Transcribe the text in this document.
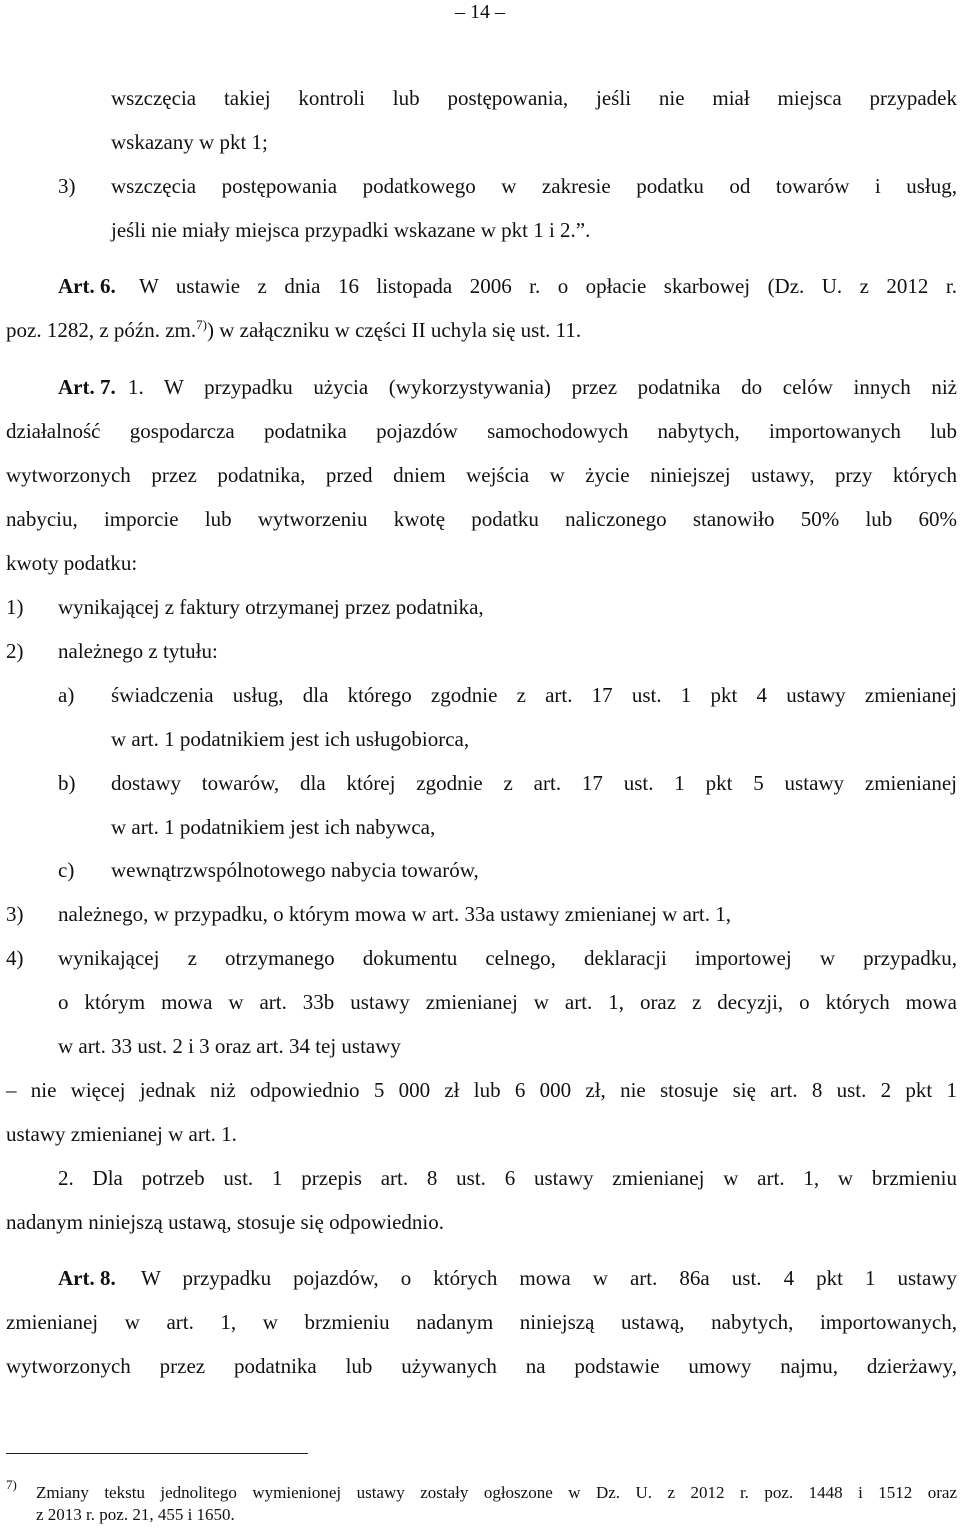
– 14 –
wszczęcia takiej kontroli lub postępowania, jeśli nie miał miejsca przypadek
wskazany w pkt 1;
3) wszczęcia postępowania podatkowego w zakresie podatku od towarów i usług,
jeśli nie miały miejsca przypadki wskazane w pkt 1 i 2.”.
Art. 6. W ustawie z dnia 16 listopada 2006 r. o opłacie skarbowej (Dz. U. z 2012 r.
poz. 1282, z późn. zm.$^{7)}$) w załączniku w części II uchyla się ust. 11.
Art. 7. 1. W przypadku użycia (wykorzystywania) przez podatnika do celów innych niż
działalność gospodarcza podatnika pojazdów samochodowych nabytych, importowanych lub
wytworzonych przez podatnika, przed dniem wejścia w życie niniejszej ustawy, przy których
nabyciu, imporcie lub wytworzeniu kwotę podatku naliczonego stanowiło 50% lub 60%
kwoty podatku:
1) wynikającej z faktury otrzymanej przez podatnika,
2) należnego z tytułu:
a) świadczenia usług, dla którego zgodnie z art. 17 ust. 1 pkt 4 ustawy zmienianej
w art. 1 podatnikiem jest ich usługobiorca,
b) dostawy towarów, dla której zgodnie z art. 17 ust. 1 pkt 5 ustawy zmienianej
w art. 1 podatnikiem jest ich nabywca,
c) wewnątrzwspólnotowego nabycia towarów,
3) należnego, w przypadku, o którym mowa w art. 33a ustawy zmienianej w art. 1,
4) wynikającej z otrzymanego dokumentu celnego, deklaracji importowej w przypadku,
o którym mowa w art. 33b ustawy zmienianej w art. 1, oraz z decyzji, o których mowa
w art. 33 ust. 2 i 3 oraz art. 34 tej ustawy
– nie więcej jednak niż odpowiednio 5 000 zł lub 6 000 zł, nie stosuje się art. 8 ust. 2 pkt 1
ustawy zmienianej w art. 1.
2. Dla potrzeb ust. 1 przepis art. 8 ust. 6 ustawy zmienianej w art. 1, w brzmieniu
nadanym niniejszą ustawą, stosuje się odpowiednio.
Art. 8. W przypadku pojazdów, o których mowa w art. 86a ust. 4 pkt 1 ustawy
zmienianej w art. 1, w brzmieniu nadanym niniejszą ustawą, nabytych, importowanych,
wytworzonych przez podatnika lub używanych na podstawie umowy najmu, dzierżawy,
7) Zmiany tekstu jednolitego wymienionej ustawy zostały ogłoszone w Dz. U. z 2012 r. poz. 1448 i 1512 oraz
z 2013 r. poz. 21, 455 i 1650.
